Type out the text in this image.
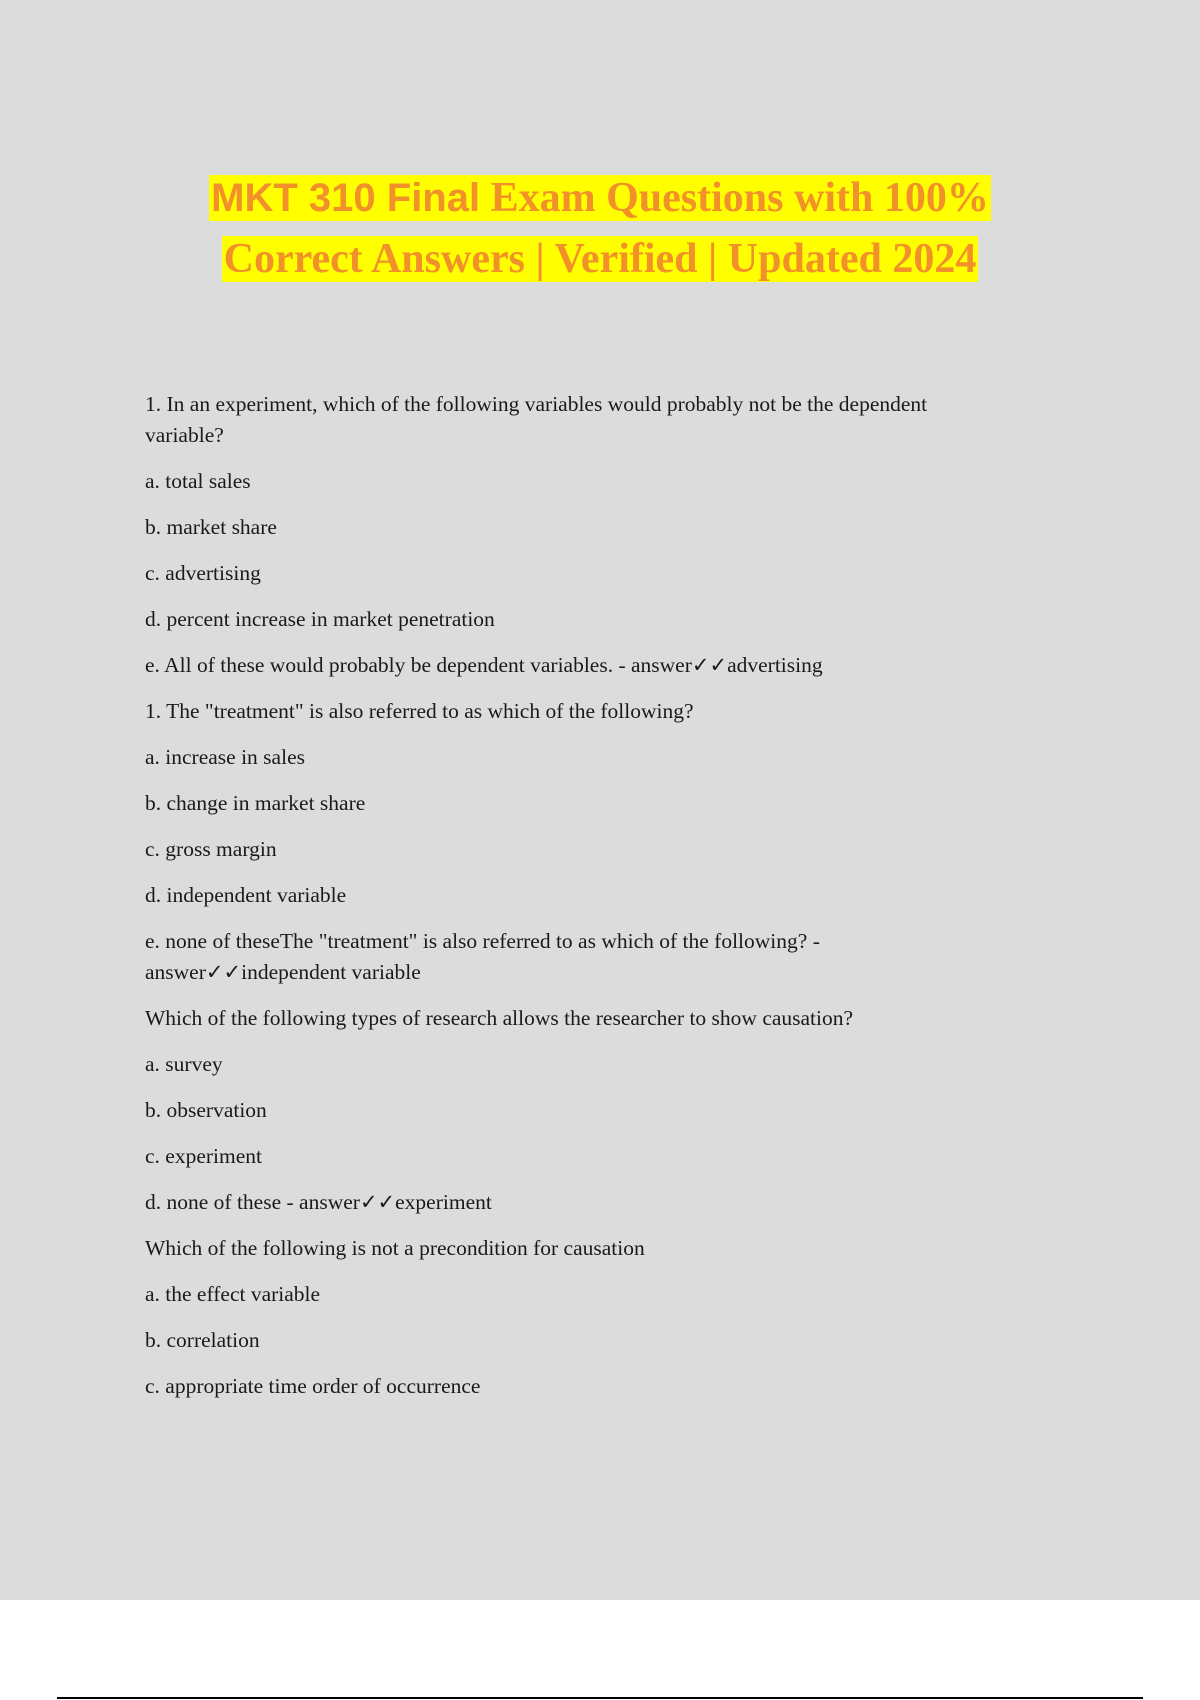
MKT 310 Final Exam Questions with 100%
Correct Answers | Verified | Updated 2024
1. In an experiment, which of the following variables would probably not be the dependent
variable?
a. total sales
b. market share
c. advertising
d. percent increase in market penetration
e. All of these would probably be dependent variables. - answer✓✓advertising
1. The "treatment" is also referred to as which of the following?
a. increase in sales
b. change in market share
c. gross margin
d. independent variable
e. none of theseThe "treatment" is also referred to as which of the following? -
answer✓✓independent variable
Which of the following types of research allows the researcher to show causation?
a. survey
b. observation
c. experiment
d. none of these - answer✓✓experiment
Which of the following is not a precondition for causation
a. the effect variable
b. correlation
c. appropriate time order of occurrence
